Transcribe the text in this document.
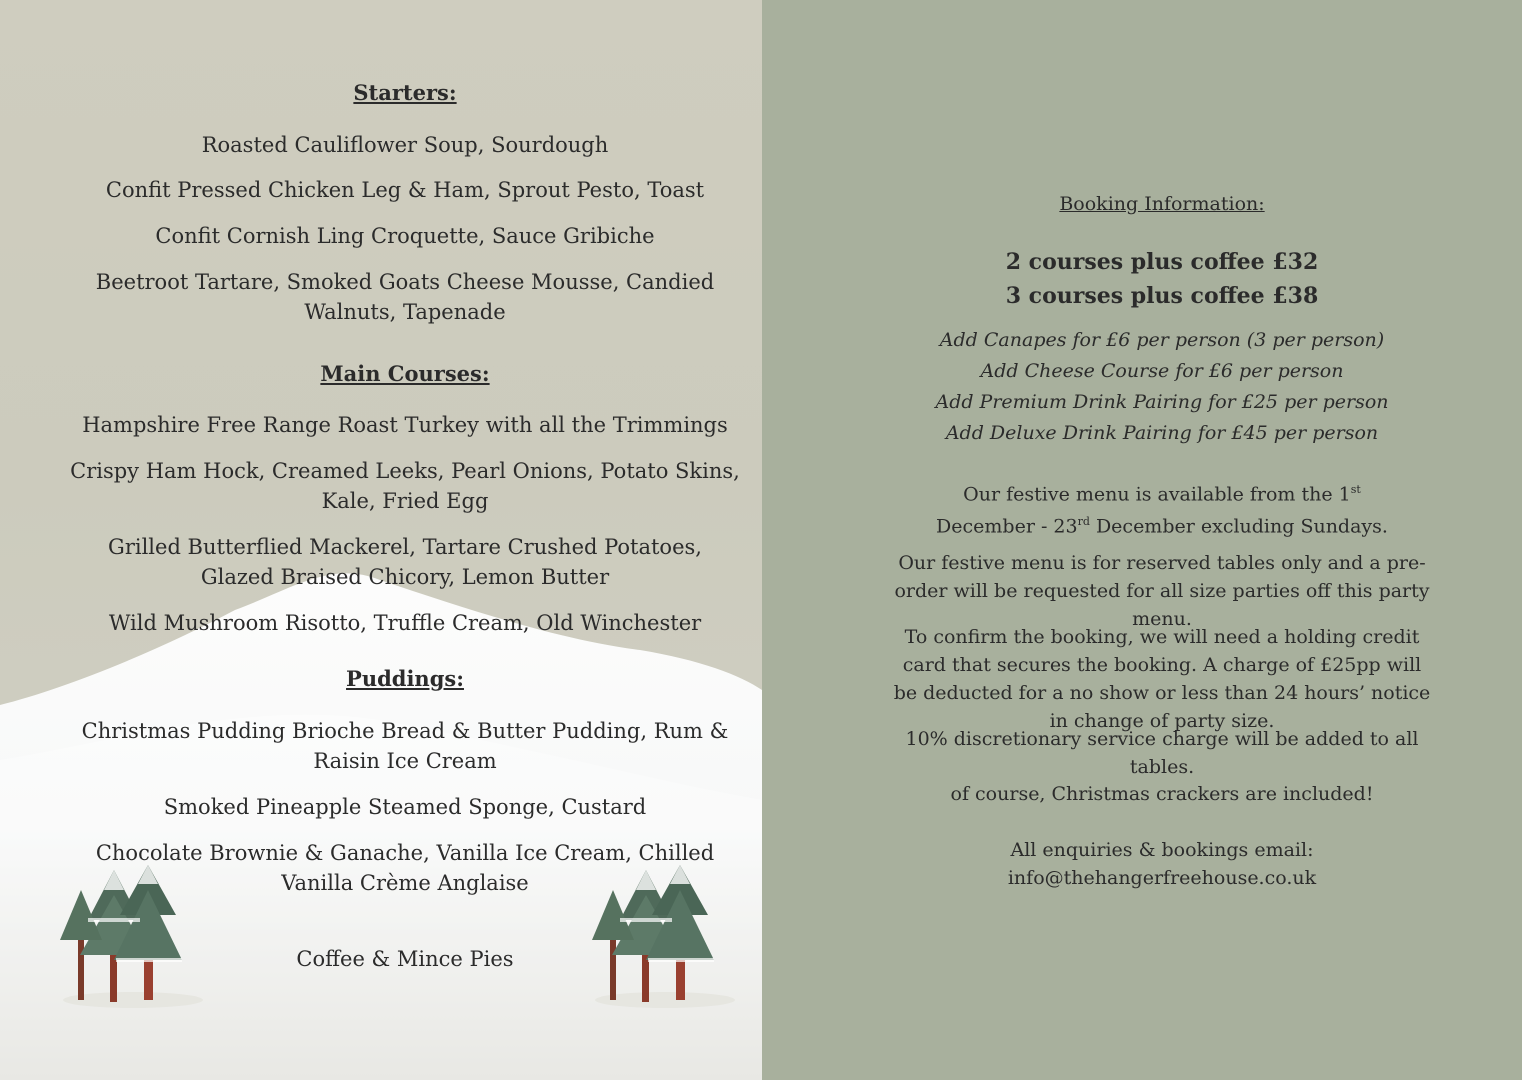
Starters:
Roasted Cauliflower Soup, Sourdough
Confit Pressed Chicken Leg & Ham, Sprout Pesto, Toast
Confit Cornish Ling Croquette, Sauce Gribiche
Beetroot Tartare, Smoked Goats Cheese Mousse, Candied Walnuts, Tapenade
Main Courses:
Hampshire Free Range Roast Turkey with all the Trimmings
Crispy Ham Hock, Creamed Leeks, Pearl Onions, Potato Skins, Kale, Fried Egg
Grilled Butterflied Mackerel, Tartare Crushed Potatoes, Glazed Braised Chicory, Lemon Butter
Wild Mushroom Risotto, Truffle Cream, Old Winchester
Puddings:
Christmas Pudding Brioche Bread & Butter Pudding, Rum & Raisin Ice Cream
Smoked Pineapple Steamed Sponge, Custard
Chocolate Brownie & Ganache, Vanilla Ice Cream, Chilled Vanilla Crème Anglaise
Coffee & Mince Pies
Booking Information:
2 courses plus coffee £32
3 courses plus coffee £38
Add Canapes for £6 per person (3 per person)
Add Cheese Course for £6 per person
Add Premium Drink Pairing for £25 per person
Add Deluxe Drink Pairing for £45 per person
Our festive menu is available from the 1st December - 23rd December excluding Sundays.
Our festive menu is for reserved tables only and a pre-order will be requested for all size parties off this party menu.
To confirm the booking, we will need a holding credit card that secures the booking. A charge of £25pp will be deducted for a no show or less than 24 hours’ notice in change of party size.
10% discretionary service charge will be added to all tables.
of course, Christmas crackers are included!
All enquiries & bookings email:
info@thehangerfreehouse.co.uk
